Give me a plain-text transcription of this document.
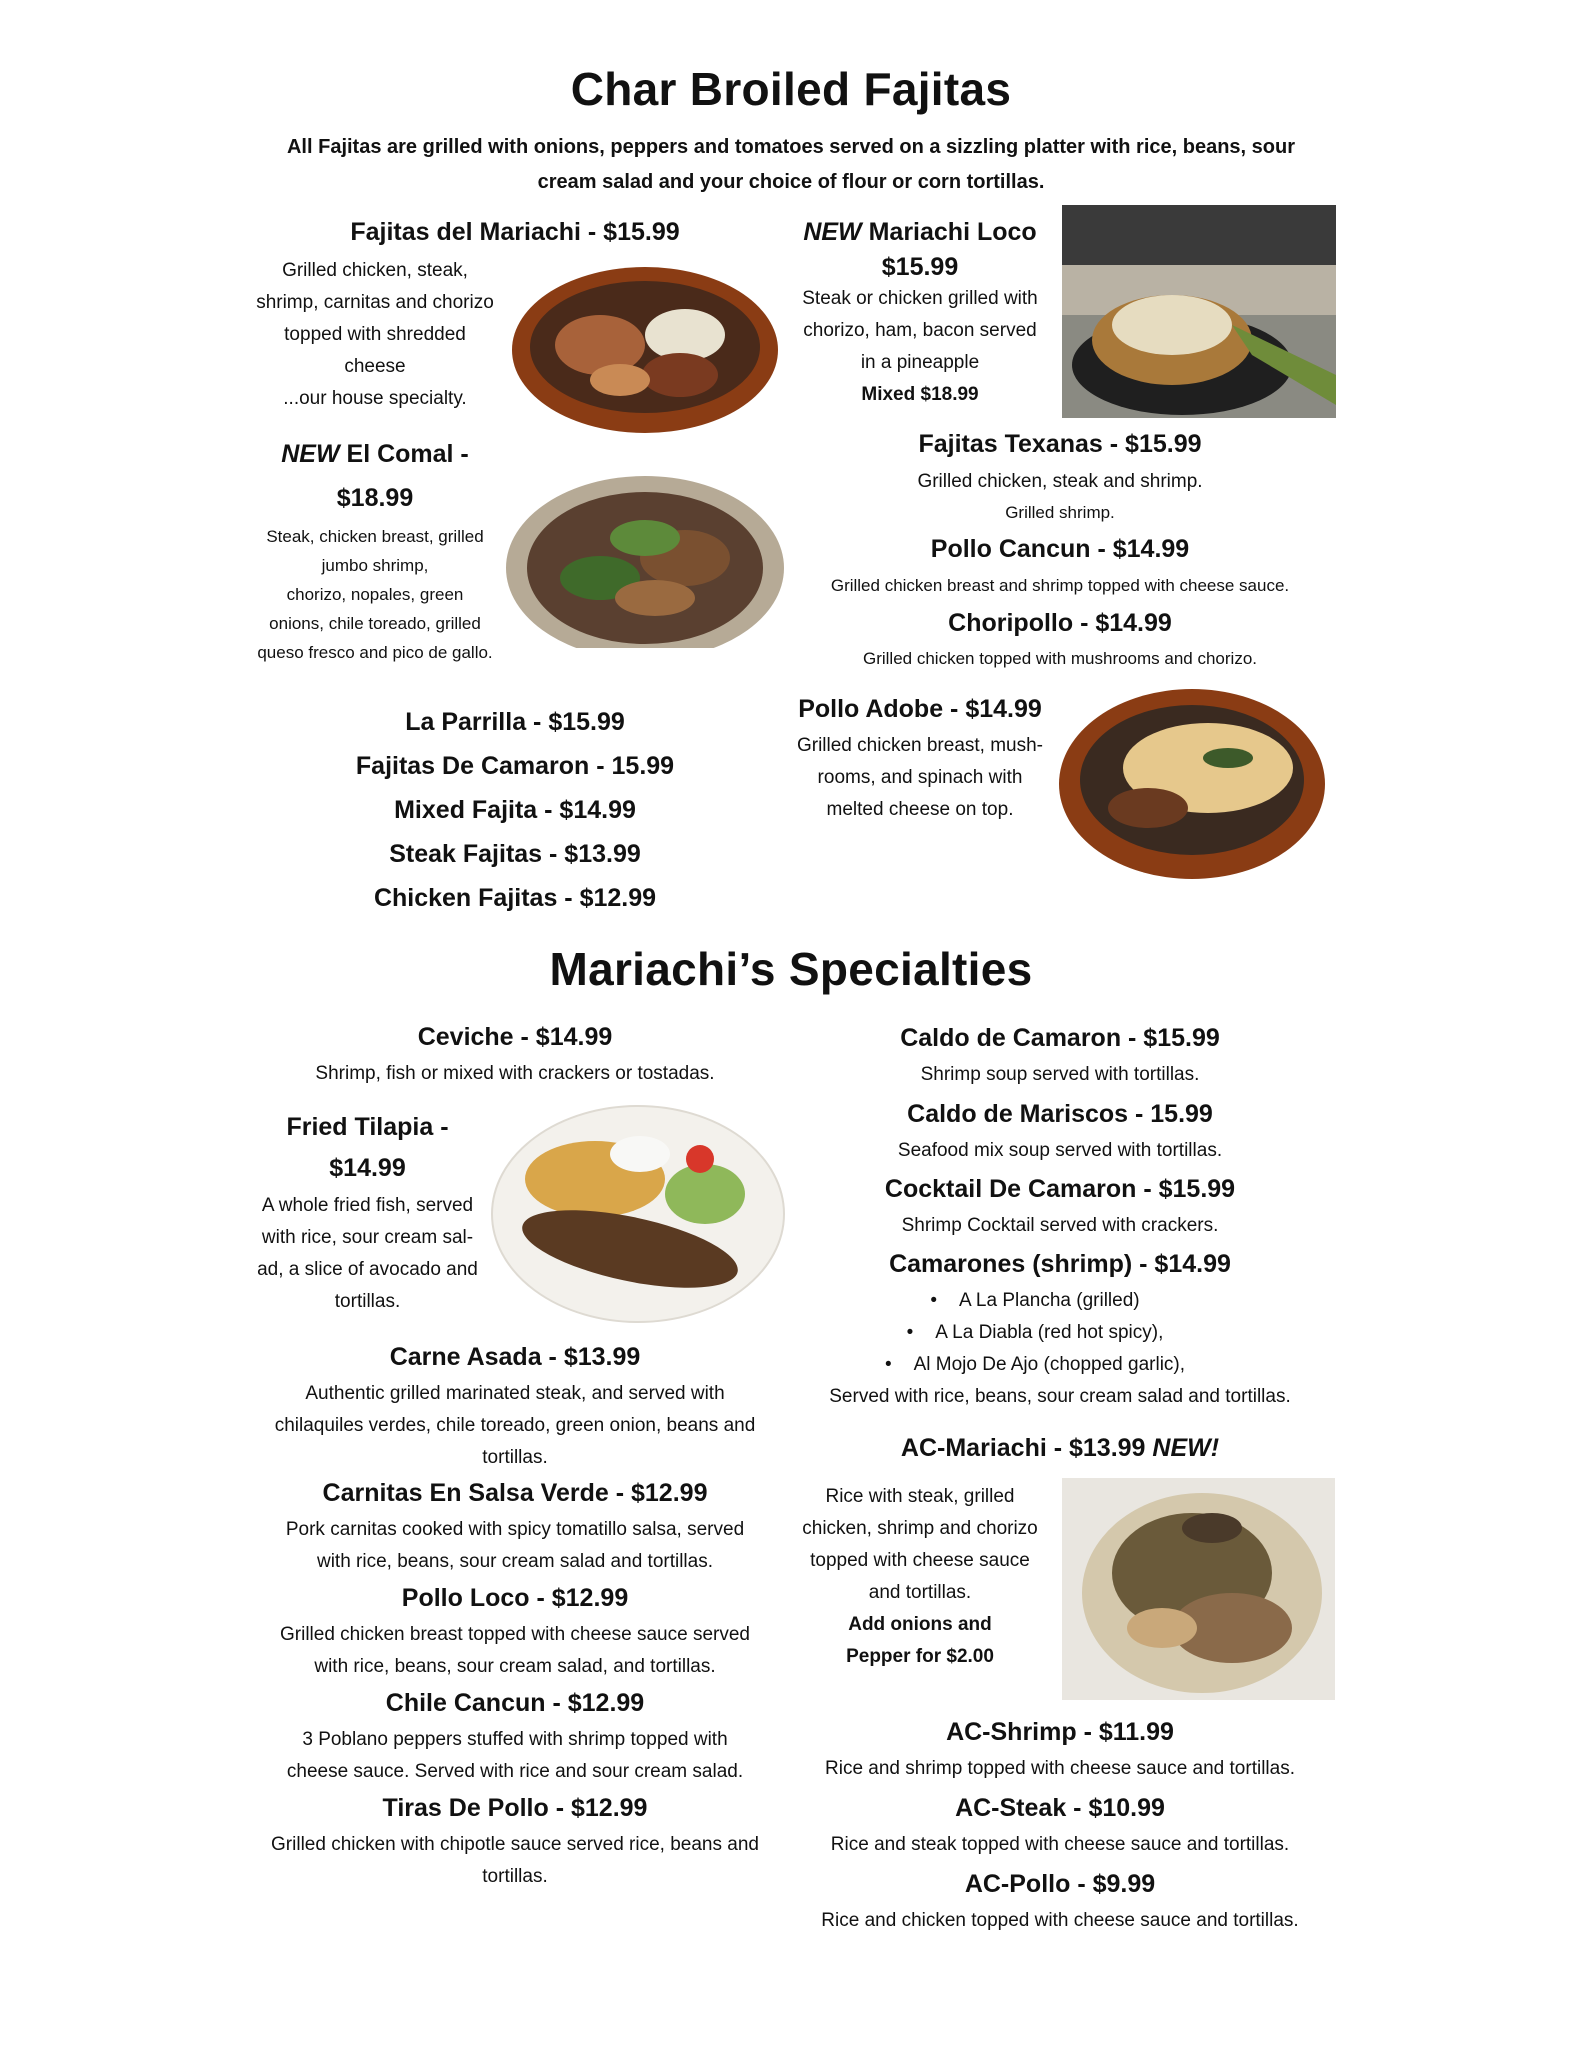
Char Broiled Fajitas
All Fajitas are grilled with onions, peppers and tomatoes served on a sizzling platter with rice, beans, sour
cream salad and your choice of flour or corn tortillas.
Fajitas del Mariachi - $15.99
Grilled chicken, steak,
shrimp, carnitas and chorizo
topped with shredded
cheese
...our house specialty.
NEW Mariachi Loco
$15.99
Steak or chicken grilled with
chorizo, ham, bacon served
in a pineapple
Mixed $18.99
NEW El Comal -
$18.99
Steak, chicken breast, grilled
jumbo shrimp,
chorizo, nopales, green
onions, chile toreado, grilled
queso fresco and pico de gallo.
Fajitas Texanas - $15.99
Grilled chicken, steak and shrimp.
Grilled shrimp.
Pollo Cancun - $14.99
Grilled chicken breast and shrimp topped with cheese sauce.
Choripollo - $14.99
Grilled chicken topped with mushrooms and chorizo.
La Parrilla - $15.99
Fajitas De Camaron - 15.99
Mixed Fajita - $14.99
Steak Fajitas - $13.99
Chicken Fajitas - $12.99
Pollo Adobe - $14.99
Grilled chicken breast, mush-
rooms, and spinach with
melted cheese on top.
Mariachi’s Specialties
Ceviche - $14.99
Shrimp, fish or mixed with crackers or tostadas.
Fried Tilapia -
$14.99
A whole fried fish, served
with rice, sour cream sal-
ad, a slice of avocado and
tortillas.
Carne Asada - $13.99
Authentic grilled marinated steak, and served with
chilaquiles verdes, chile toreado, green onion, beans and
tortillas.
Carnitas En Salsa Verde - $12.99
Pork carnitas cooked with spicy tomatillo salsa, served
with rice, beans, sour cream salad and tortillas.
Pollo Loco - $12.99
Grilled chicken breast topped with cheese sauce served
with rice, beans, sour cream salad, and tortillas.
Chile Cancun - $12.99
3 Poblano peppers stuffed with shrimp topped with
cheese sauce. Served with rice and sour cream salad.
Tiras De Pollo - $12.99
Grilled chicken with chipotle sauce served rice, beans and
tortillas.
Caldo de Camaron - $15.99
Shrimp soup served with tortillas.
Caldo de Mariscos - 15.99
Seafood mix soup served with tortillas.
Cocktail De Camaron - $15.99
Shrimp Cocktail served with crackers.
Camarones (shrimp) - $14.99
• A La Plancha (grilled)
• A La Diabla (red hot spicy),
• Al Mojo De Ajo (chopped garlic),
Served with rice, beans, sour cream salad and tortillas.
AC-Mariachi - $13.99 NEW!
Rice with steak, grilled
chicken, shrimp and chorizo
topped with cheese sauce
and tortillas.
Add onions and
Pepper for $2.00
AC-Shrimp - $11.99
Rice and shrimp topped with cheese sauce and tortillas.
AC-Steak - $10.99
Rice and steak topped with cheese sauce and tortillas.
AC-Pollo - $9.99
Rice and chicken topped with cheese sauce and tortillas.
